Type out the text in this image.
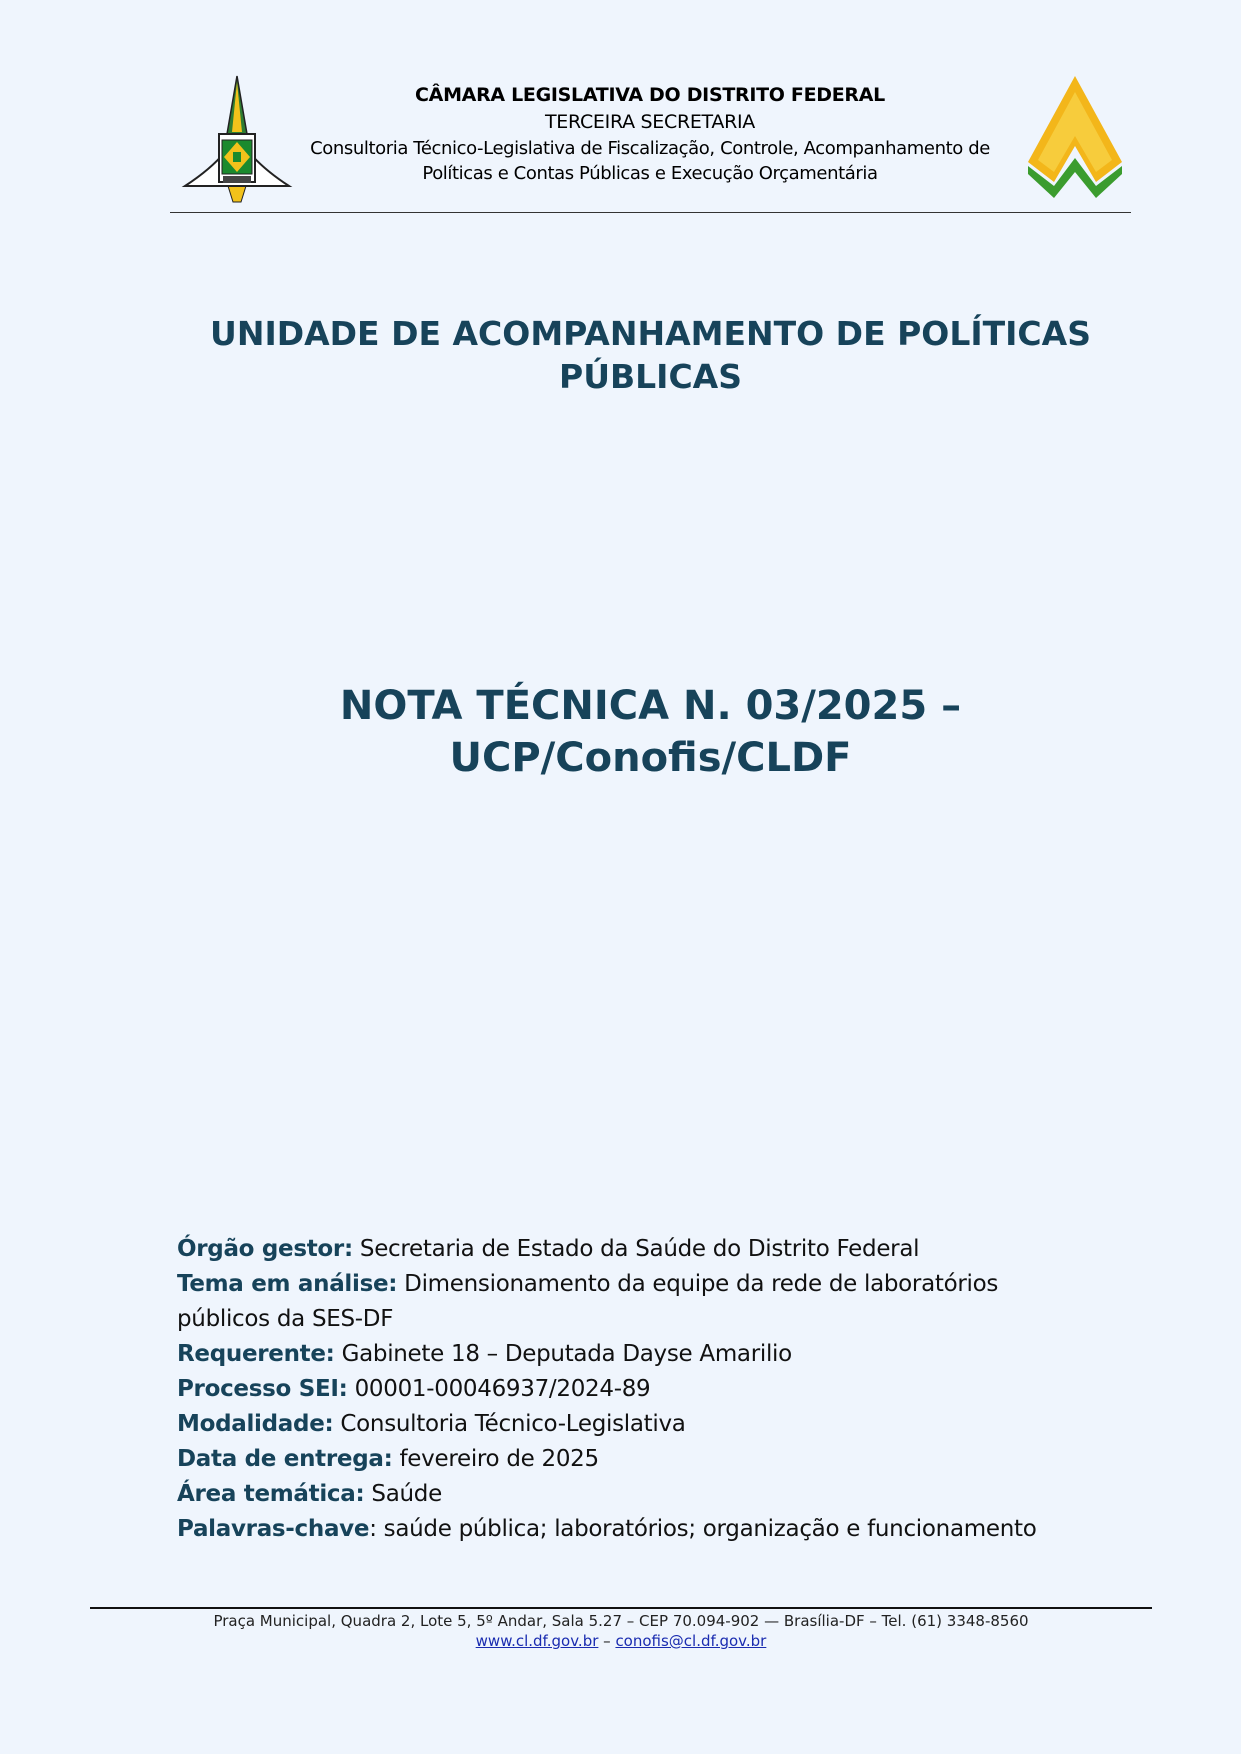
CÂMARA LEGISLATIVA DO DISTRITO FEDERAL
TERCEIRA SECRETARIA
Consultoria Técnico-Legislativa de Fiscalização, Controle, Acompanhamento de
Políticas e Contas Públicas e Execução Orçamentária
UNIDADE DE ACOMPANHAMENTO DE POLÍTICAS
PÚBLICAS
NOTA TÉCNICA N. 03/2025 –
UCP/Conofis/CLDF
Órgão gestor: Secretaria de Estado da Saúde do Distrito Federal
Tema em análise: Dimensionamento da equipe da rede de laboratórios
públicos da SES-DF
Requerente: Gabinete 18 – Deputada Dayse Amarilio
Processo SEI: 00001-00046937/2024-89
Modalidade: Consultoria Técnico-Legislativa
Data de entrega: fevereiro de 2025
Área temática: Saúde
Palavras-chave: saúde pública; laboratórios; organização e funcionamento
Praça Municipal, Quadra 2, Lote 5, 5º Andar, Sala 5.27 – CEP 70.094-902 — Brasília-DF – Tel. (61) 3348-8560
www.cl.df.gov.br – conofis@cl.df.gov.br
